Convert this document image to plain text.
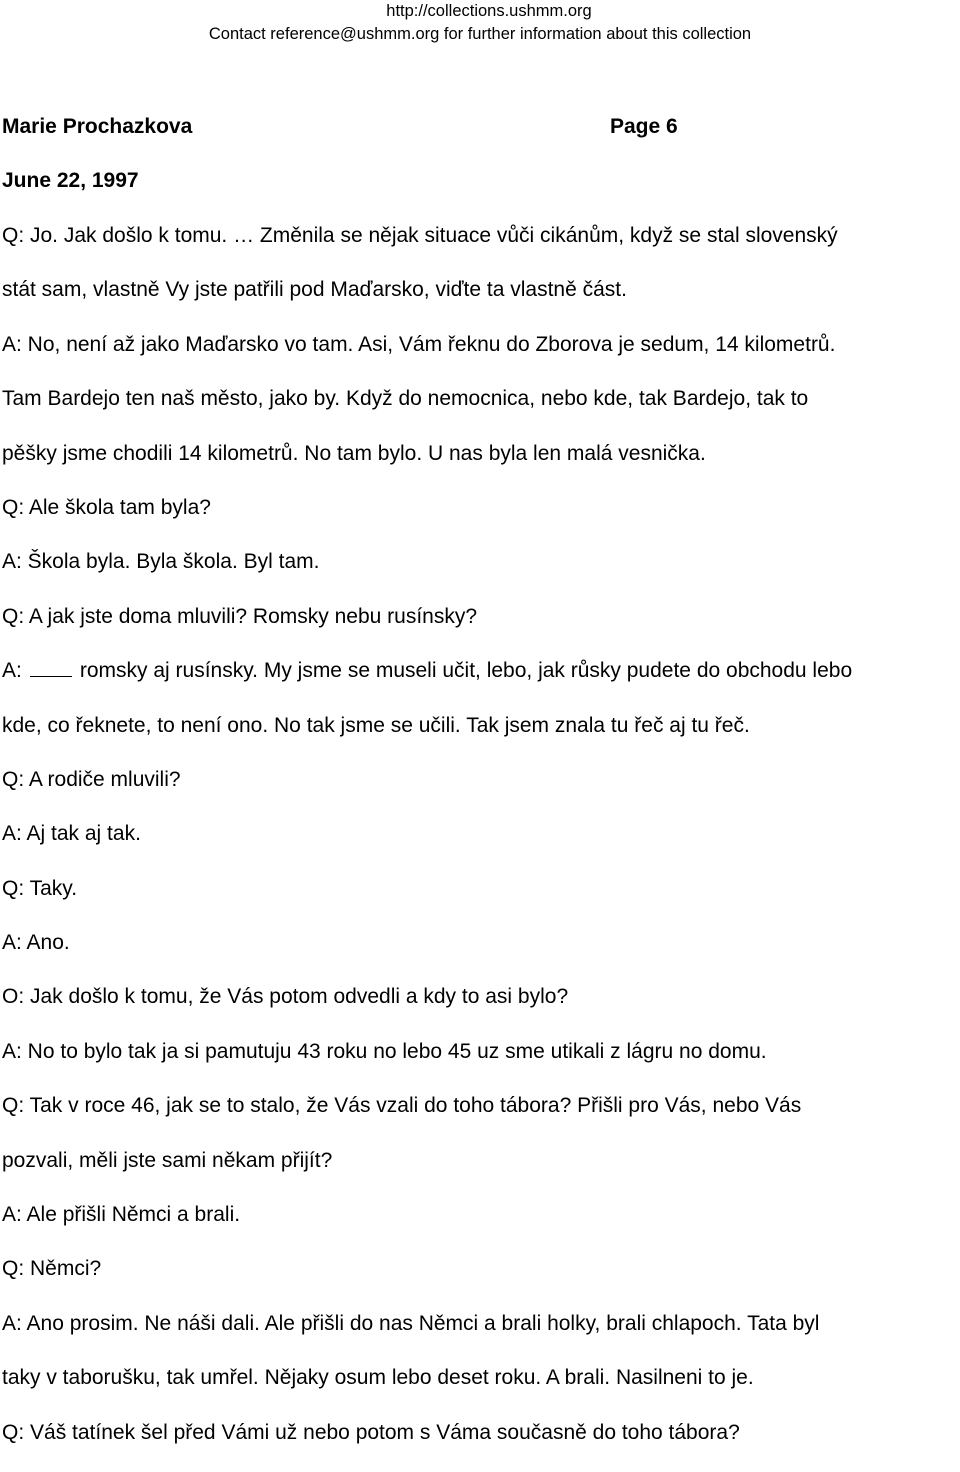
http://collections.ushmm.org
Contact reference@ushmm.org for further information about this collection
Marie Prochazkova	Page 6
June 22, 1997
Q: Jo. Jak došlo k tomu. … Změnila se nějak situace vůči cikánům, když se stal slovenský
stát sam, vlastně Vy jste patřili pod Maďarsko, viďte ta vlastně část.
A: No, není až jako Maďarsko vo tam. Asi, Vám řeknu do Zborova je sedum, 14 kilometrů.
Tam Bardejo ten naš město, jako by. Když do nemocnica, nebo kde, tak Bardejo, tak to
pěšky jsme chodili 14 kilometrů. No tam bylo. U nas byla len malá vesnička.
Q: Ale škola tam byla?
A: Škola byla. Byla škola. Byl tam.
Q: A jak jste doma mluvili? Romsky nebu rusínsky?
A:	romsky aj rusínsky. My jsme se museli učit, lebo, jak růsky pudete do obchodu lebo
kde, co řeknete, to není ono. No tak jsme se učili. Tak jsem znala tu řeč aj tu řeč.
Q: A rodiče mluvili?
A: Aj tak aj tak.
Q: Taky.
A: Ano.
O: Jak došlo k tomu, že Vás potom odvedli a kdy to asi bylo?
A: No to bylo tak ja si pamutuju 43 roku no lebo 45 uz sme utikali z lágru no domu.
Q: Tak v roce 46, jak se to stalo, že Vás vzali do toho tábora? Přišli pro Vás, nebo Vás
pozvali, měli jste sami někam přijít?
A: Ale přišli Němci a brali.
Q: Němci?
A: Ano prosim. Ne náši dali. Ale přišli do nas Němci a brali holky, brali chlapoch. Tata byl
taky v taborušku, tak umřel. Nějaky osum lebo deset roku. A brali. Nasilneni to je.
Q: Váš tatínek šel před Vámi už nebo potom s Váma současně do toho tábora?
